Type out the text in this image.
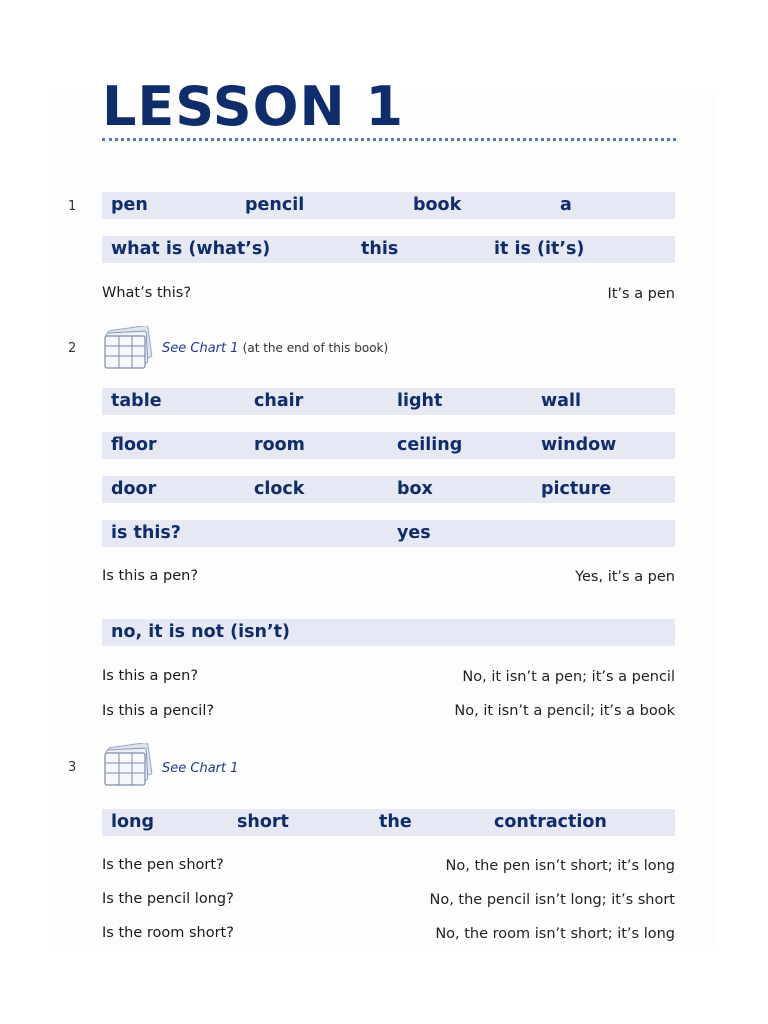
LESSON 1
1	pen	pencil	book	a
what is (what’s)	this	it is (it’s)
What’s this?	It’s a pen
2	See Chart 1 (at the end of this book)
table	chair	light	wall
floor	room	ceiling	window
door	clock	box	picture
is this?	yes
Is this a pen?	Yes, it’s a pen
no, it is not (isn’t)
Is this a pen?	No, it isn’t a pen; it’s a pencil
Is this a pencil?	No, it isn’t a pencil; it’s a book
3	See Chart 1
long	short	the	contraction
Is the pen short?	No, the pen isn’t short; it’s long
Is the pencil long?	No, the pencil isn’t long; it’s short
Is the room short?	No, the room isn’t short; it’s long
